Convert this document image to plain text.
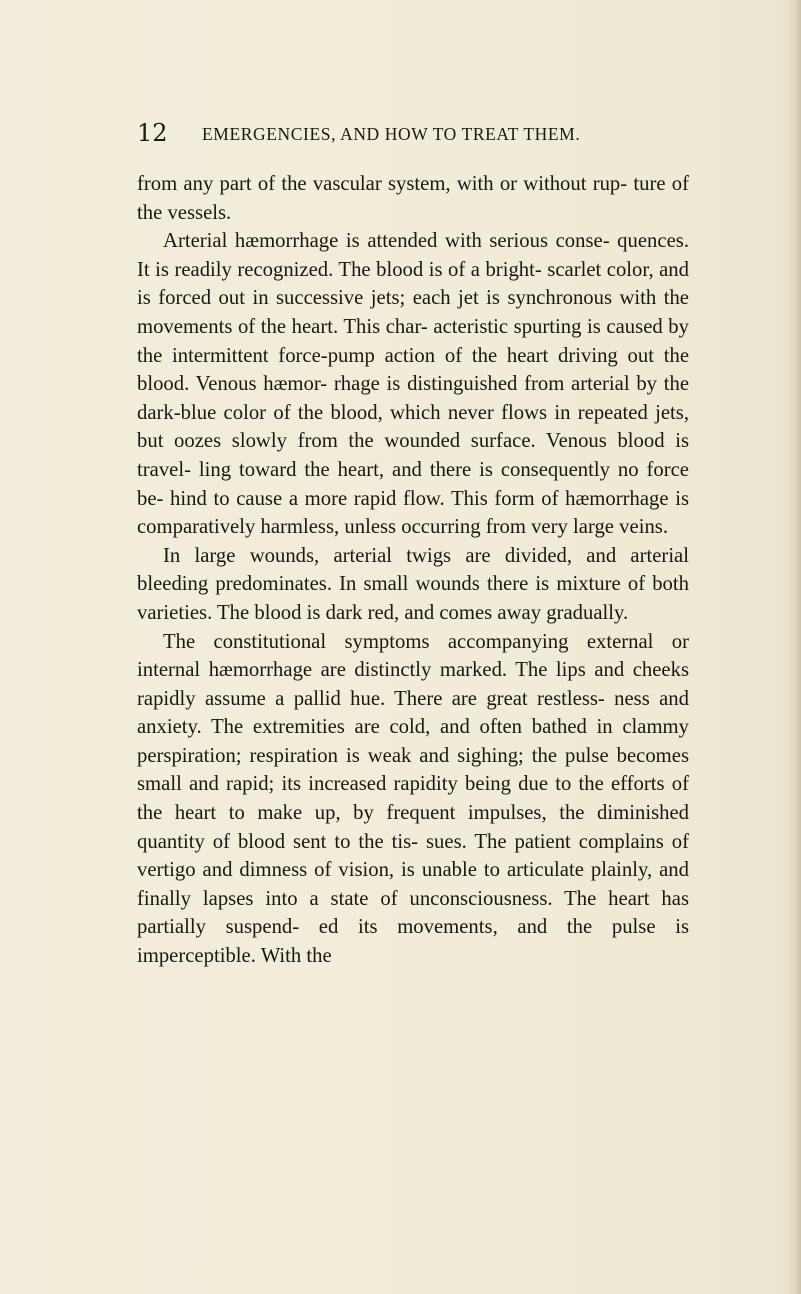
12 EMERGENCIES, AND HOW TO TREAT THEM.

from any part of the vascular system, with or without rup- ture of the vessels.

Arterial hæmorrhage is attended with serious conse- quences. It is readily recognized. The blood is of a bright- scarlet color, and is forced out in successive jets; each jet is synchronous with the movements of the heart. This char- acteristic spurting is caused by the intermittent force-pump action of the heart driving out the blood. Venous hæmor- rhage is distinguished from arterial by the dark-blue color of the blood, which never flows in repeated jets, but oozes slowly from the wounded surface. Venous blood is travel- ling toward the heart, and there is consequently no force be- hind to cause a more rapid flow. This form of hæmorrhage is comparatively harmless, unless occurring from very large veins.

In large wounds, arterial twigs are divided, and arterial bleeding predominates. In small wounds there is mixture of both varieties. The blood is dark red, and comes away gradually.

The constitutional symptoms accompanying external or internal hæmorrhage are distinctly marked. The lips and cheeks rapidly assume a pallid hue. There are great restless- ness and anxiety. The extremities are cold, and often bathed in clammy perspiration; respiration is weak and sighing; the pulse becomes small and rapid; its increased rapidity being due to the efforts of the heart to make up, by frequent impulses, the diminished quantity of blood sent to the tis- sues. The patient complains of vertigo and dimness of vision, is unable to articulate plainly, and finally lapses into a state of unconsciousness. The heart has partially suspend- ed its movements, and the pulse is imperceptible. With the
